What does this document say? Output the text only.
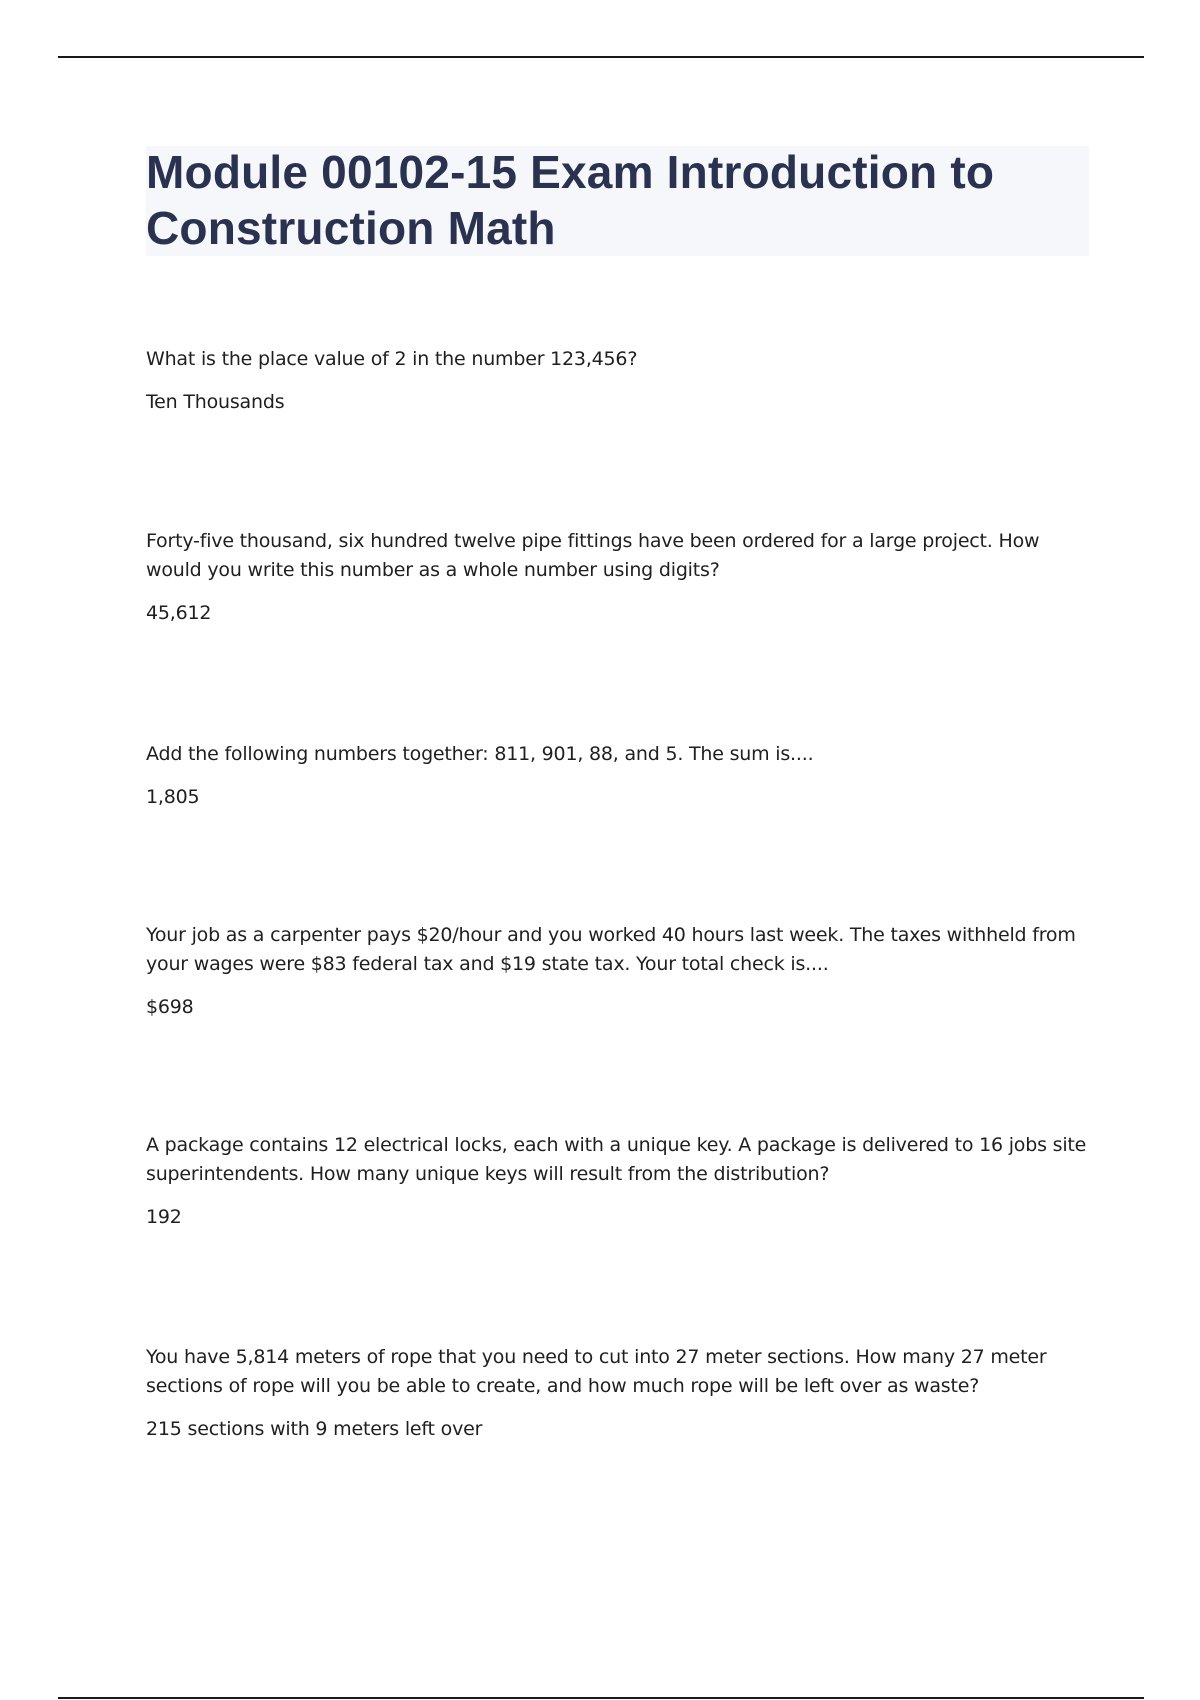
Module 00102-15 Exam Introduction to Construction Math

What is the place value of 2 in the number 123,456?

Ten Thousands

Forty-five thousand, six hundred twelve pipe fittings have been ordered for a large project. How would you write this number as a whole number using digits?

45,612

Add the following numbers together: 811, 901, 88, and 5. The sum is....

1,805

Your job as a carpenter pays $20/hour and you worked 40 hours last week. The taxes withheld from your wages were $83 federal tax and $19 state tax. Your total check is....

$698

A package contains 12 electrical locks, each with a unique key. A package is delivered to 16 jobs site superintendents. How many unique keys will result from the distribution?

192

You have 5,814 meters of rope that you need to cut into 27 meter sections. How many 27 meter sections of rope will you be able to create, and how much rope will be left over as waste?

215 sections with 9 meters left over
